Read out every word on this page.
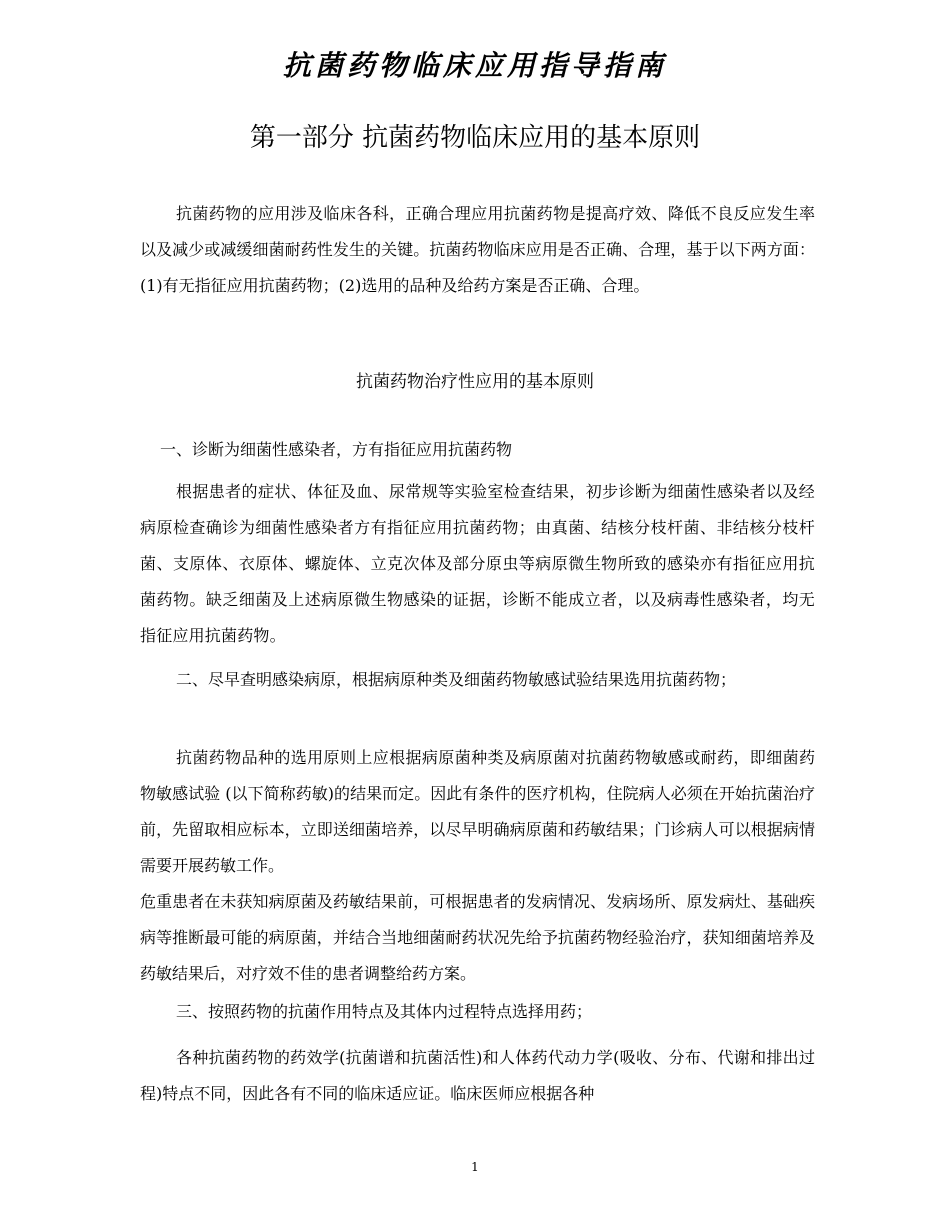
抗菌药物临床应用指导指南
第一部分 抗菌药物临床应用的基本原则

抗菌药物的应用涉及临床各科，正确合理应用抗菌药物是提高疗效、降低不良反应发生率以及减少或减缓细菌耐药性发生的关键。抗菌药物临床应用是否正确、合理，基于以下两方面：(1)有无指征应用抗菌药物；(2)选用的品种及给药方案是否正确、合理。

抗菌药物治疗性应用的基本原则

一、诊断为细菌性感染者，方有指征应用抗菌药物

根据患者的症状、体征及血、尿常规等实验室检查结果，初步诊断为细菌性感染者以及经病原检查确诊为细菌性感染者方有指征应用抗菌药物；由真菌、结核分枝杆菌、非结核分枝杆菌、支原体、衣原体、螺旋体、立克次体及部分原虫等病原微生物所致的感染亦有指征应用抗菌药物。缺乏细菌及上述病原微生物感染的证据，诊断不能成立者，以及病毒性感染者，均无指征应用抗菌药物。

二、尽早查明感染病原，根据病原种类及细菌药物敏感试验结果选用抗菌药物；

抗菌药物品种的选用原则上应根据病原菌种类及病原菌对抗菌药物敏感或耐药，即细菌药物敏感试验 (以下简称药敏)的结果而定。因此有条件的医疗机构，住院病人必须在开始抗菌治疗前，先留取相应标本，立即送细菌培养，以尽早明确病原菌和药敏结果；门诊病人可以根据病情需要开展药敏工作。

危重患者在未获知病原菌及药敏结果前，可根据患者的发病情况、发病场所、原发病灶、基础疾病等推断最可能的病原菌，并结合当地细菌耐药状况先给予抗菌药物经验治疗，获知细菌培养及药敏结果后，对疗效不佳的患者调整给药方案。

三、按照药物的抗菌作用特点及其体内过程特点选择用药；

各种抗菌药物的药效学(抗菌谱和抗菌活性)和人体药代动力学(吸收、分布、代谢和排出过程)特点不同，因此各有不同的临床适应证。临床医师应根据各种

1
